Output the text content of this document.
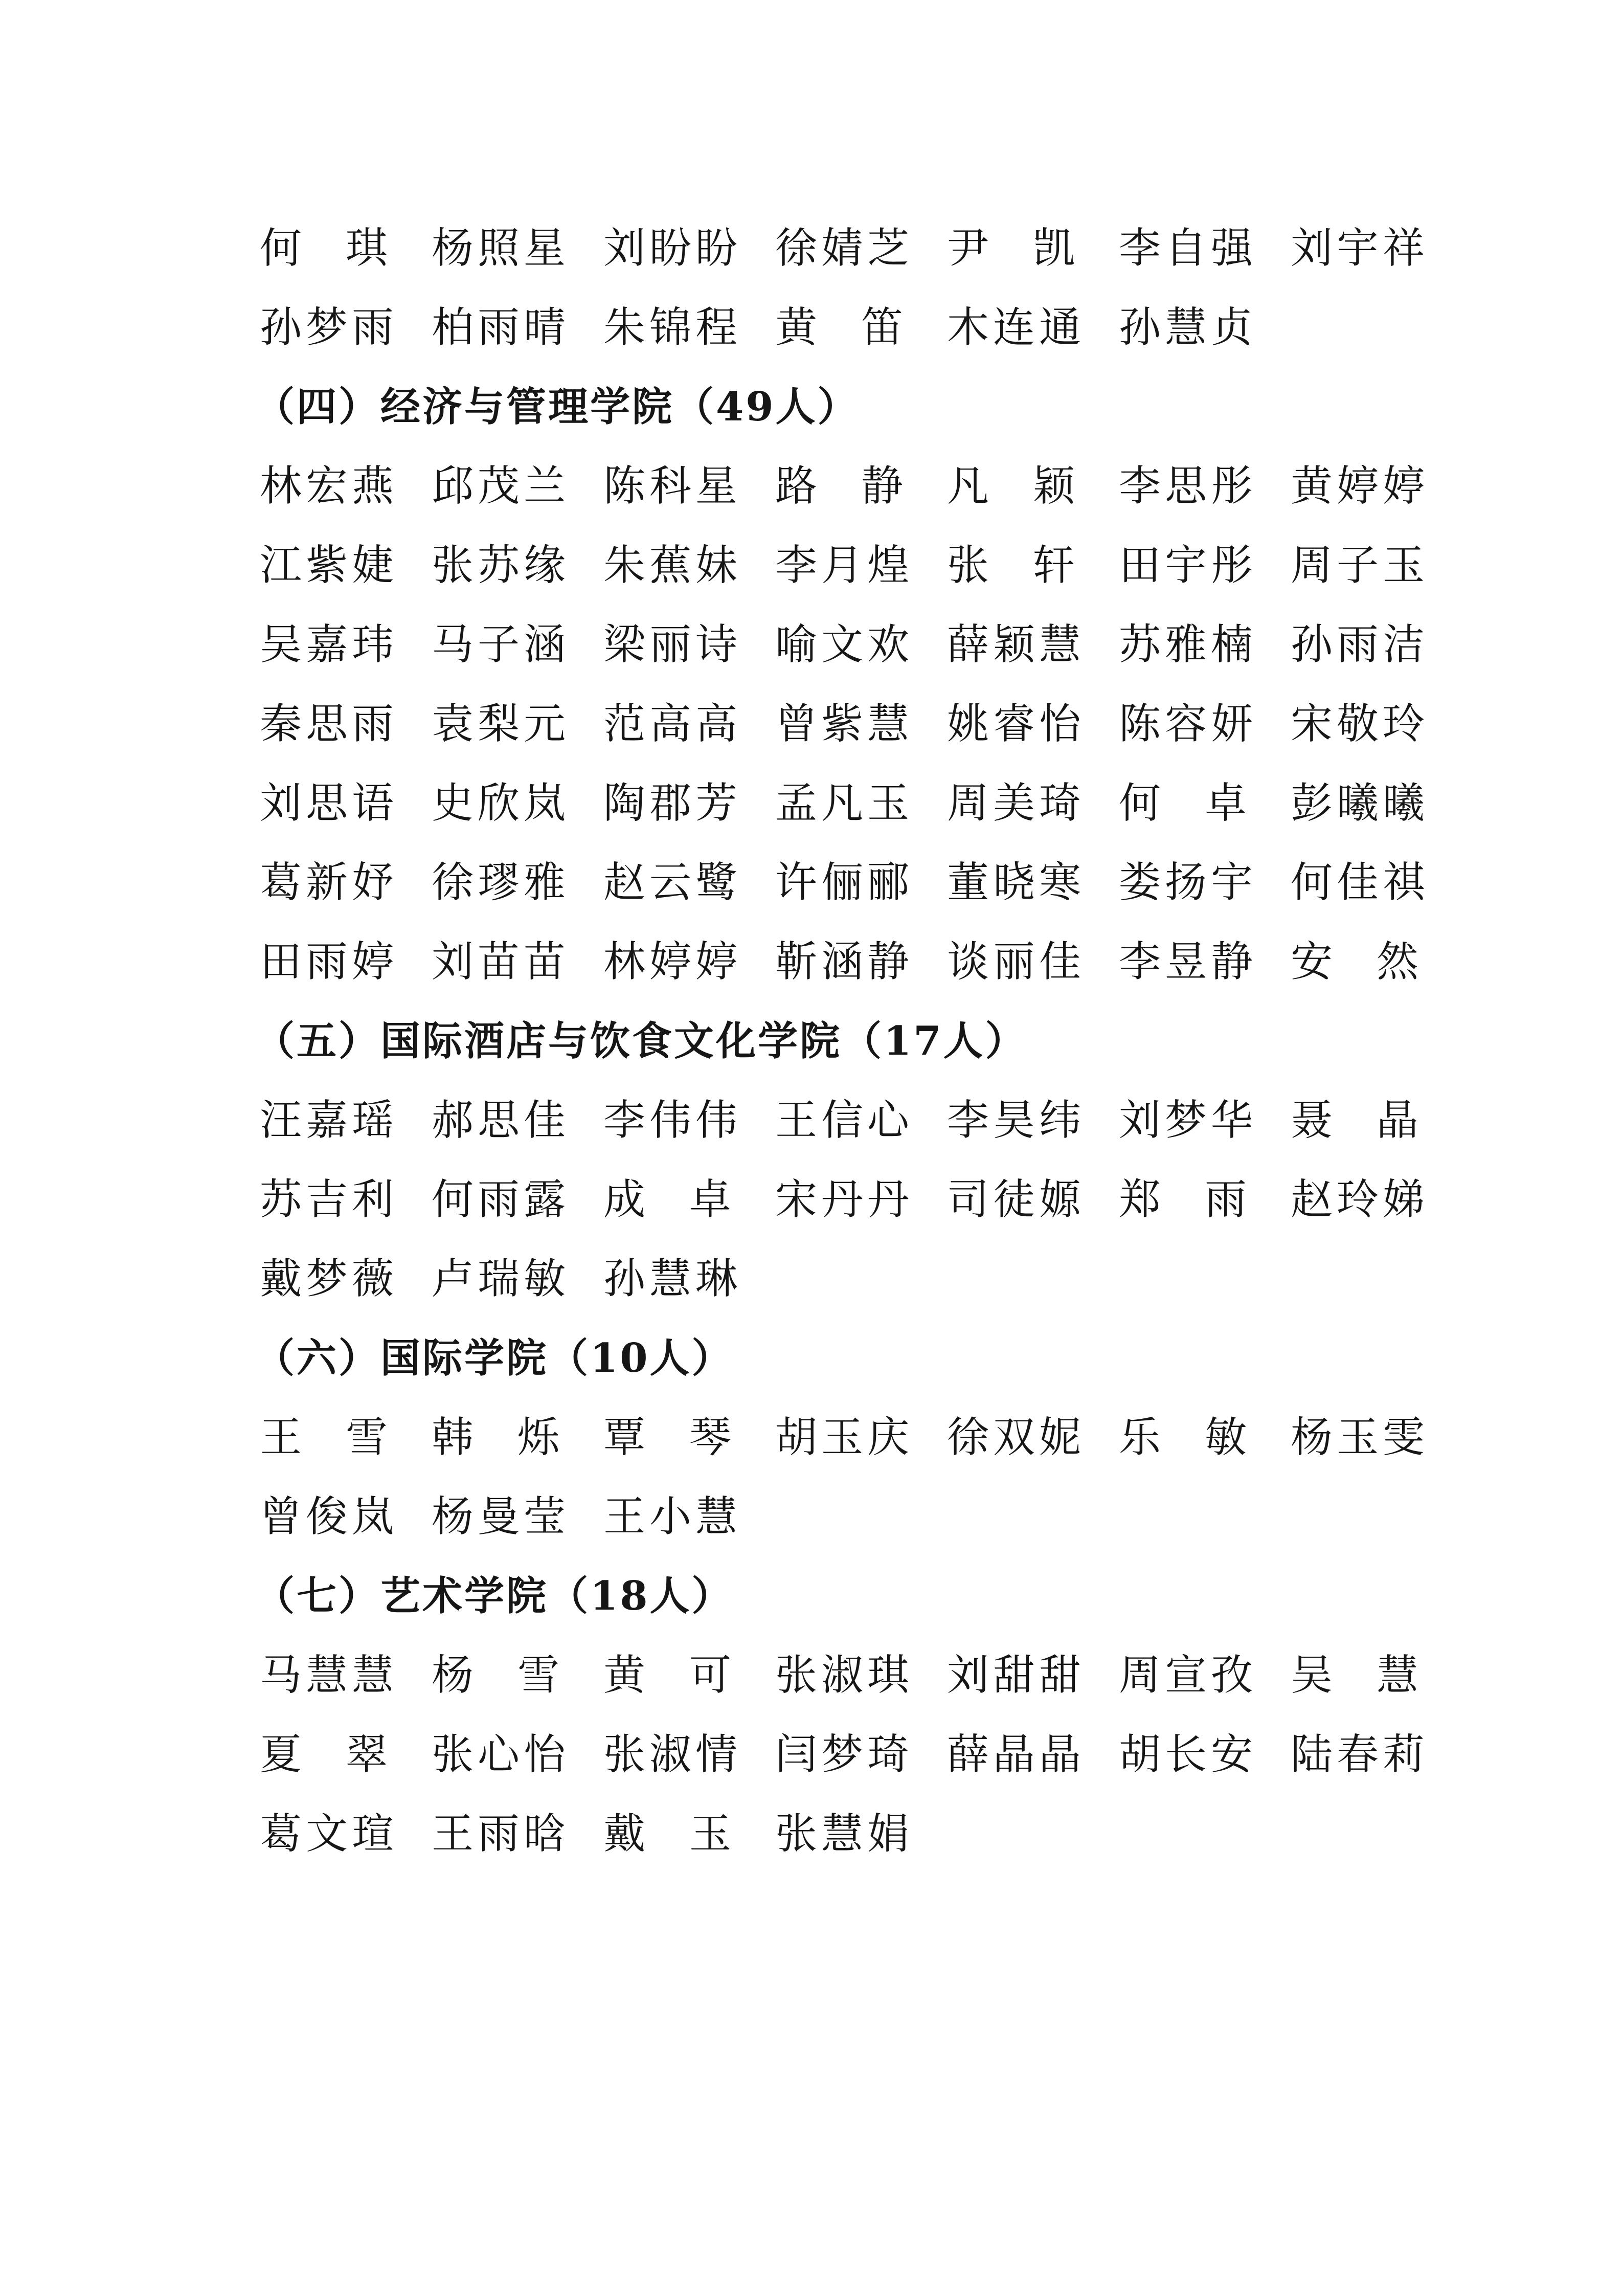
何 琪 杨照星 刘盼盼 徐婧芝 尹 凯 李自强 刘宇祥
孙梦雨 柏雨晴 朱锦程 黄 笛 木连通 孙慧贞
（四）经济与管理学院（49人）
林宏燕 邱茂兰 陈科星 路 静 凡 颖 李思彤 黄婷婷
江紫婕 张苏缘 朱蕉妹 李月煌 张 轩 田宇彤 周子玉
吴嘉玮 马子涵 梁丽诗 喻文欢 薛颖慧 苏雅楠 孙雨洁
秦思雨 袁梨元 范高高 曾紫慧 姚睿怡 陈容妍 宋敬玲
刘思语 史欣岚 陶郡芳 孟凡玉 周美琦 何 卓 彭曦曦
葛新妤 徐璆雅 赵云鹭 许俪郦 董晓寒 娄扬宇 何佳祺
田雨婷 刘苗苗 林婷婷 靳涵静 谈丽佳 李昱静 安 然
（五）国际酒店与饮食文化学院（17人）
汪嘉瑶 郝思佳 李伟伟 王信心 李昊纬 刘梦华 聂 晶
苏吉利 何雨露 成 卓 宋丹丹 司徒嫄 郑 雨 赵玲娣
戴梦薇 卢瑞敏 孙慧琳
（六）国际学院（10人）
王 雪 韩 烁 覃 琴 胡玉庆 徐双妮 乐 敏 杨玉雯
曾俊岚 杨曼莹 王小慧
（七）艺术学院（18人）
马慧慧 杨 雪 黄 可 张淑琪 刘甜甜 周宣孜 吴 慧
夏 翠 张心怡 张淑情 闫梦琦 薛晶晶 胡长安 陆春莉
葛文瑄 王雨晗 戴 玉 张慧娟
